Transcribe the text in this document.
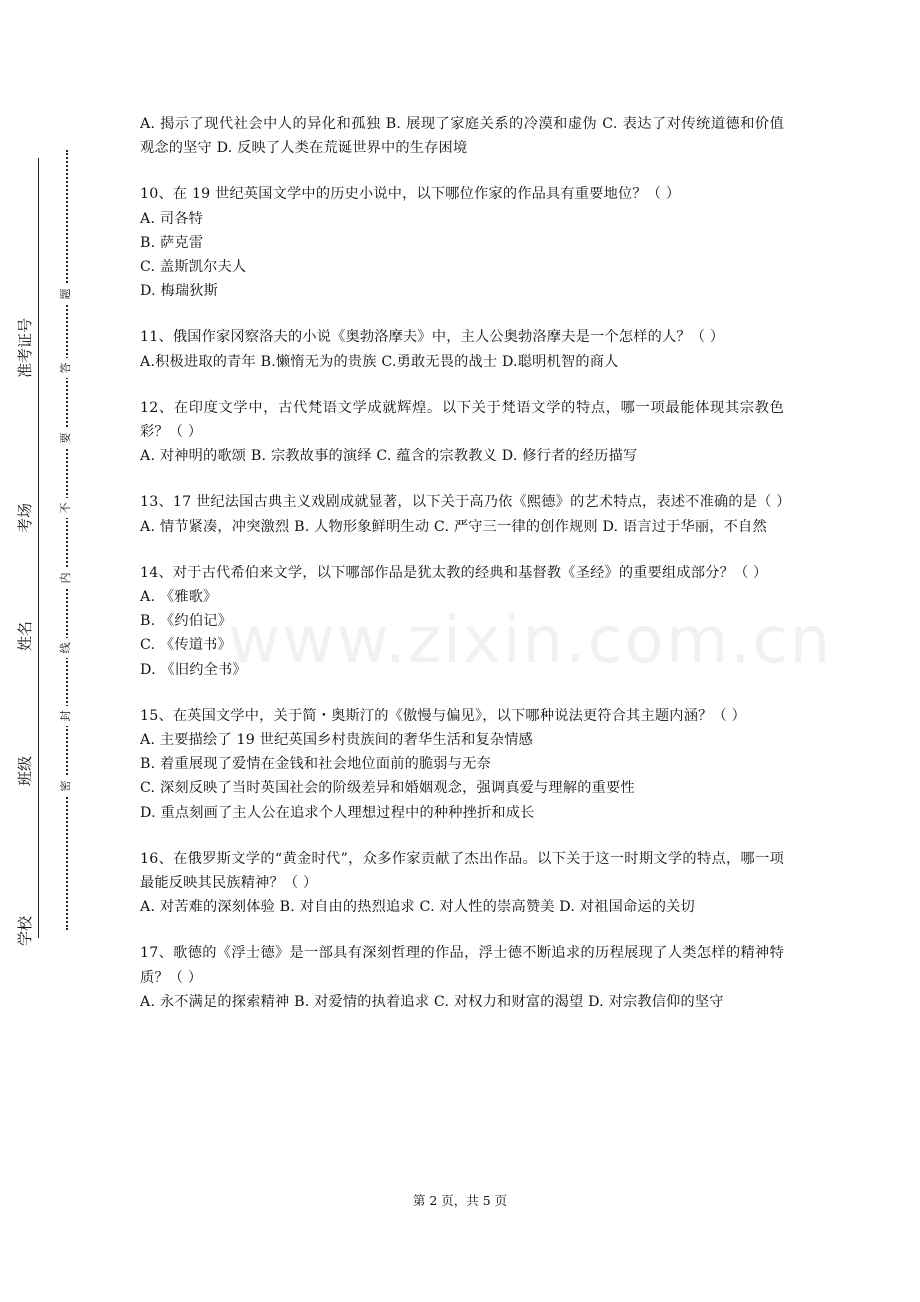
准考证号
考场
姓名
班级
学校
题
答
要
不
内
线
封
密
www.zixin.com.cn
A. 揭示了现代社会中人的异化和孤独 B. 展现了家庭关系的冷漠和虚伪 C. 表达了对传统道德和价值观念的坚守 D. 反映了人类在荒诞世界中的生存困境
10、在 19 世纪英国文学中的历史小说中，以下哪位作家的作品具有重要地位？（ ）
A. 司各特
B. 萨克雷
C. 盖斯凯尔夫人
D. 梅瑞狄斯
11、俄国作家冈察洛夫的小说《奥勃洛摩夫》中，主人公奥勃洛摩夫是一个怎样的人？（ ）
A.积极进取的青年 B.懒惰无为的贵族 C.勇敢无畏的战士 D.聪明机智的商人
12、在印度文学中，古代梵语文学成就辉煌。以下关于梵语文学的特点，哪一项最能体现其宗教色彩？（ ）
A. 对神明的歌颂 B. 宗教故事的演绎 C. 蕴含的宗教教义 D. 修行者的经历描写
13、17 世纪法国古典主义戏剧成就显著，以下关于高乃依《熙德》的艺术特点，表述不准确的是（ ）
A. 情节紧凑，冲突激烈 B. 人物形象鲜明生动 C. 严守三一律的创作规则 D. 语言过于华丽，不自然
14、对于古代希伯来文学，以下哪部作品是犹太教的经典和基督教《圣经》的重要组成部分？（ ）
A. 《雅歌》
B. 《约伯记》
C. 《传道书》
D. 《旧约全书》
15、在英国文学中，关于简・奥斯汀的《傲慢与偏见》，以下哪种说法更符合其主题内涵？（ ）
A. 主要描绘了 19 世纪英国乡村贵族间的奢华生活和复杂情感
B. 着重展现了爱情在金钱和社会地位面前的脆弱与无奈
C. 深刻反映了当时英国社会的阶级差异和婚姻观念，强调真爱与理解的重要性
D. 重点刻画了主人公在追求个人理想过程中的种种挫折和成长
16、在俄罗斯文学的“黄金时代”，众多作家贡献了杰出作品。以下关于这一时期文学的特点，哪一项最能反映其民族精神？（ ）
A. 对苦难的深刻体验 B. 对自由的热烈追求 C. 对人性的崇高赞美 D. 对祖国命运的关切
17、歌德的《浮士德》是一部具有深刻哲理的作品，浮士德不断追求的历程展现了人类怎样的精神特质？（ ）
A. 永不满足的探索精神 B. 对爱情的执着追求 C. 对权力和财富的渴望 D. 对宗教信仰的坚守
第 2 页，共 5 页
